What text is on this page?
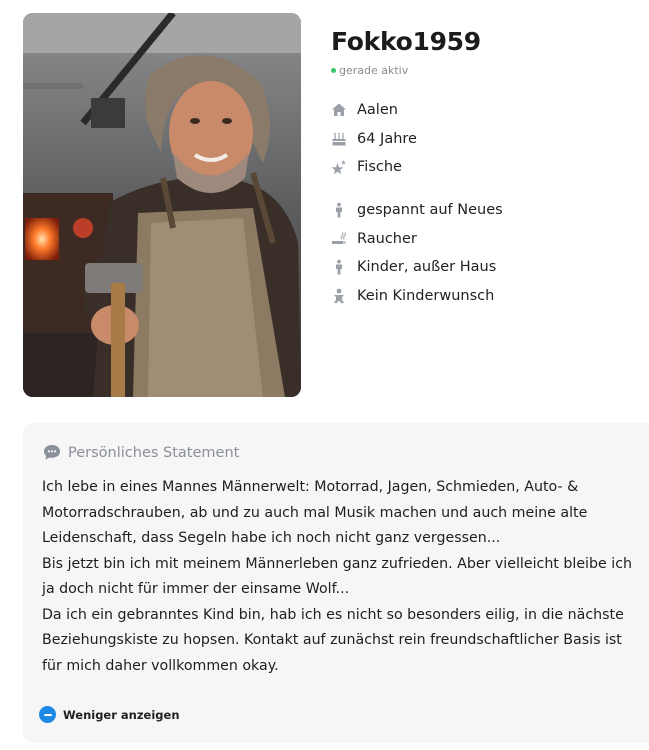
Fokko1959
gerade aktiv
Aalen
64 Jahre
Fische
gespannt auf Neues
Raucher
Kinder, außer Haus
Kein Kinderwunsch
Persönliches Statement

Ich lebe in eines Mannes Männerwelt: Motorrad, Jagen, Schmieden, Auto- & Motorradschrauben, ab und zu auch mal Musik machen und auch meine alte Leidenschaft, dass Segeln habe ich noch nicht ganz vergessen...
Bis jetzt bin ich mit meinem Männerleben ganz zufrieden. Aber vielleicht bleibe ich ja doch nicht für immer der einsame Wolf...
Da ich ein gebranntes Kind bin, hab ich es nicht so besonders eilig, in die nächste Beziehungskiste zu hopsen. Kontakt auf zunächst rein freundschaftlicher Basis ist für mich daher vollkommen okay.

Weniger anzeigen
